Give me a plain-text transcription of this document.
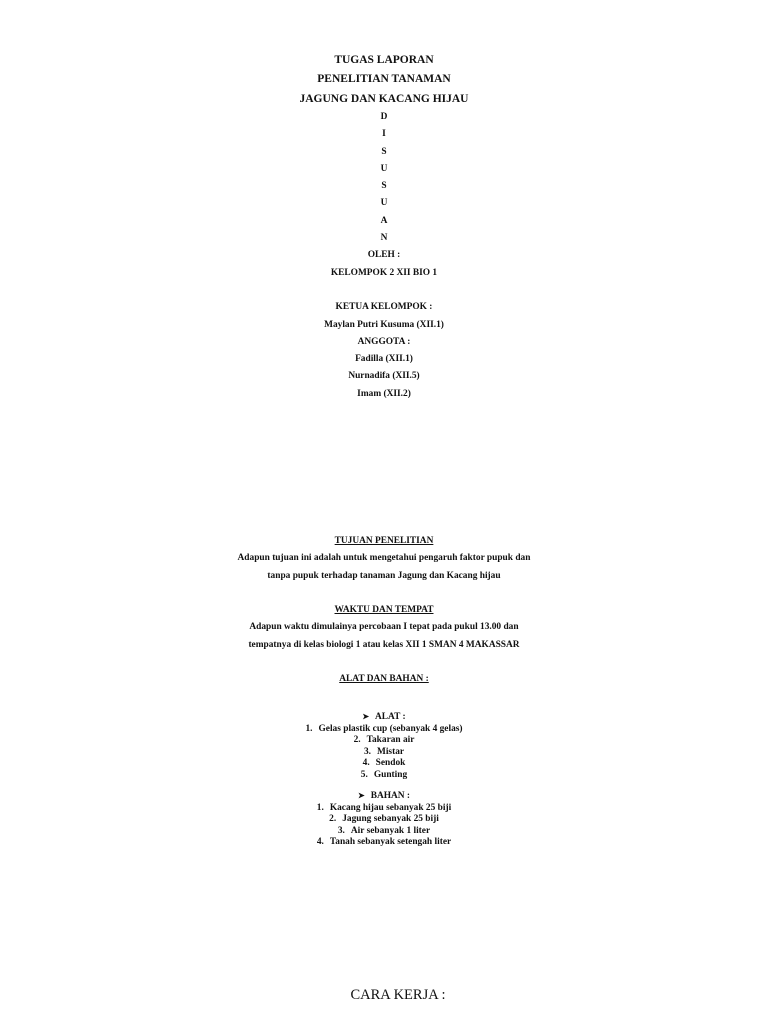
TUGAS LAPORAN
PENELITIAN TANAMAN
JAGUNG DAN KACANG HIJAU
D
I
S
U
S
U
A
N
OLEH :
KELOMPOK 2 XII BIO 1

KETUA KELOMPOK :
Maylan Putri Kusuma (XII.1)
ANGGOTA :
Fadilla (XII.1)
Nurnadifa (XII.5)
Imam (XII.2)
TUJUAN PENELITIAN
Adapun tujuan ini adalah untuk mengetahui pengaruh faktor pupuk dan
tanpa pupuk terhadap tanaman Jagung dan Kacang hijau

WAKTU DAN TEMPAT
Adapun waktu dimulainya percobaan I tepat pada pukul 13.00 dan
tempatnya di kelas biologi 1 atau kelas XII 1 SMAN 4 MAKASSAR

ALAT DAN BAHAN :
➤ ALAT :
1. Gelas plastik cup (sebanyak 4 gelas)
2. Takaran air
3. Mistar
4. Sendok
5. Gunting
➤ BAHAN :
1. Kacang hijau sebanyak 25 biji
2. Jagung sebanyak 25 biji
3. Air sebanyak 1 liter
4. Tanah sebanyak setengah liter
CARA KERJA :
